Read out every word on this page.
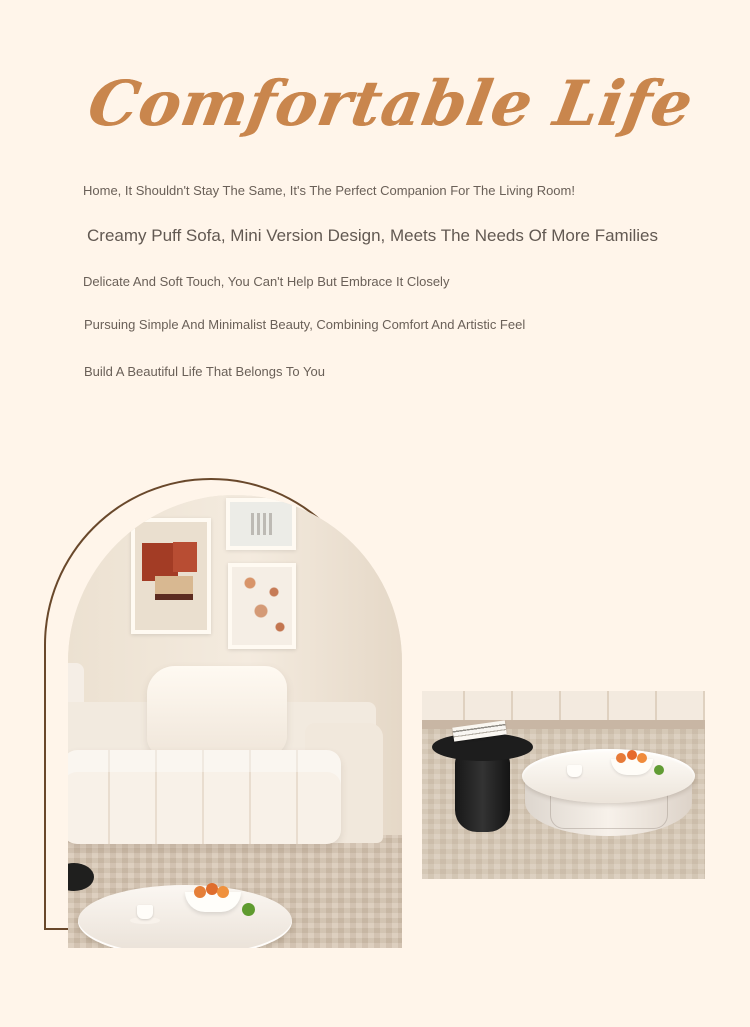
Comfortable Life

Home, It Shouldn't Stay The Same, It's The Perfect Companion For The Living Room!

Creamy Puff Sofa, Mini Version Design, Meets The Needs Of More Families

Delicate And Soft Touch, You Can't Help But Embrace It Closely

Pursuing Simple And Minimalist Beauty, Combining Comfort And Artistic Feel

Build A Beautiful Life That Belongs To You
